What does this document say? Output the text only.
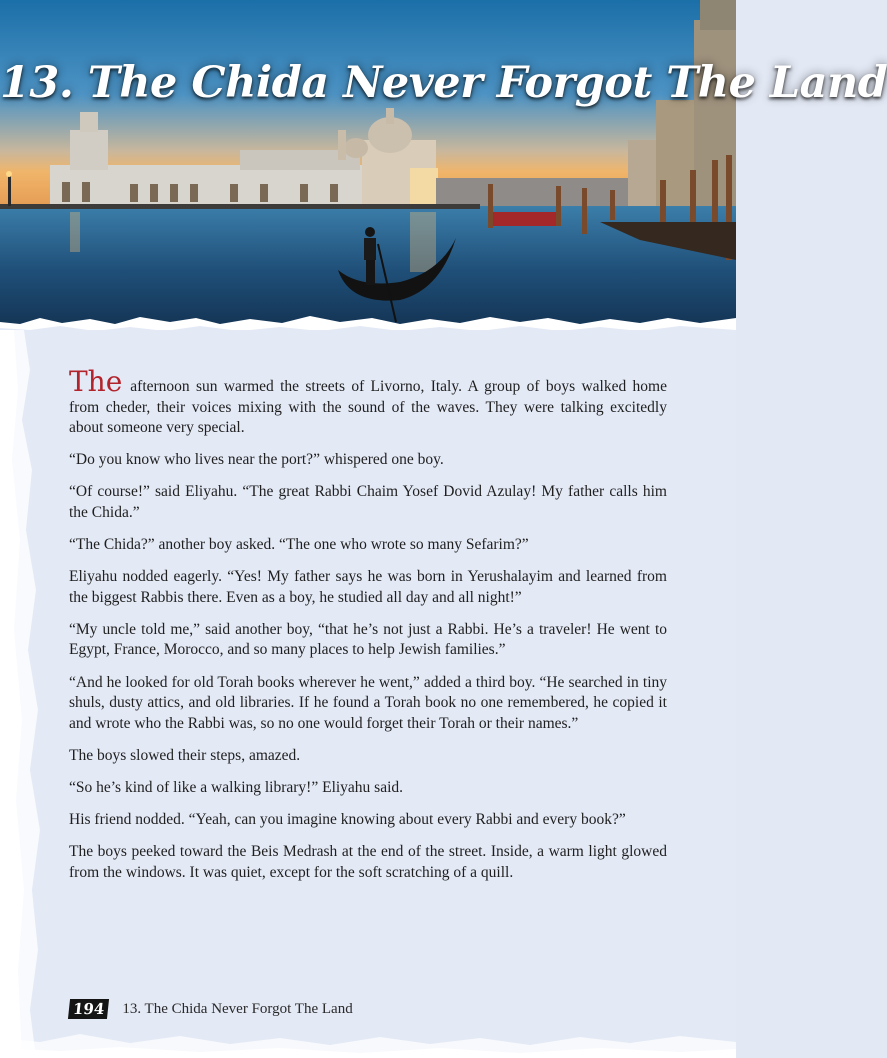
13. The Chida Never Forgot The Land

The afternoon sun warmed the streets of Livorno, Italy. A group of boys walked home from cheder, their voices mixing with the sound of the waves. They were talking excitedly about someone very special.

“Do you know who lives near the port?” whispered one boy.

“Of course!” said Eliyahu. “The great Rabbi Chaim Yosef Dovid Azulay! My father calls him the Chida.”

“The Chida?” another boy asked. “The one who wrote so many Sefarim?”

Eliyahu nodded eagerly. “Yes! My father says he was born in Yerushalayim and learned from the biggest Rabbis there. Even as a boy, he studied all day and all night!”

“My uncle told me,” said another boy, “that he’s not just a Rabbi. He’s a traveler! He went to Egypt, France, Morocco, and so many places to help Jewish families.”

“And he looked for old Torah books wherever he went,” added a third boy. “He searched in tiny shuls, dusty attics, and old libraries. If he found a Torah book no one remembered, he copied it and wrote who the Rabbi was, so no one would forget their Torah or their names.”

The boys slowed their steps, amazed.

“So he’s kind of like a walking library!” Eliyahu said.

His friend nodded. “Yeah, can you imagine knowing about every Rabbi and every book?”

The boys peeked toward the Beis Medrash at the end of the street. Inside, a warm light glowed from the windows. It was quiet, except for the soft scratching of a quill.

194 13. The Chida Never Forgot The Land
